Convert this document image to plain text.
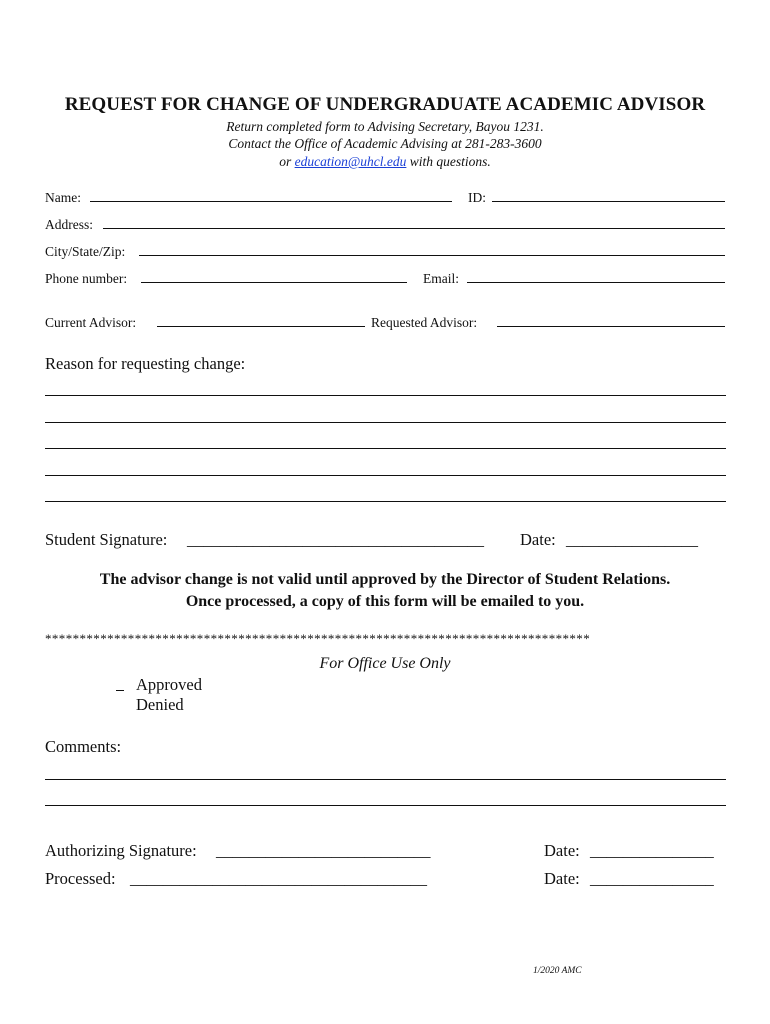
REQUEST FOR CHANGE OF UNDERGRADUATE ACADEMIC ADVISOR
Return completed form to Advising Secretary, Bayou 1231.
Contact the Office of Academic Advising at 281-283-3600
or education@uhcl.edu with questions.
Name:	ID:
Address:
City/State/Zip:
Phone number:	Email:
Current Advisor:	Requested Advisor:
Reason for requesting change:
Student Signature: ____________________________________ Date: ________________
The advisor change is not valid until approved by the Director of Student Relations.
Once processed, a copy of this form will be emailed to you.
*******************************************************************************
For Office Use Only
Approved
Denied
Comments:
Authorizing Signature: __________________________	Date: _______________
Processed: ____________________________________	Date: _______________
1/2020 AMC
